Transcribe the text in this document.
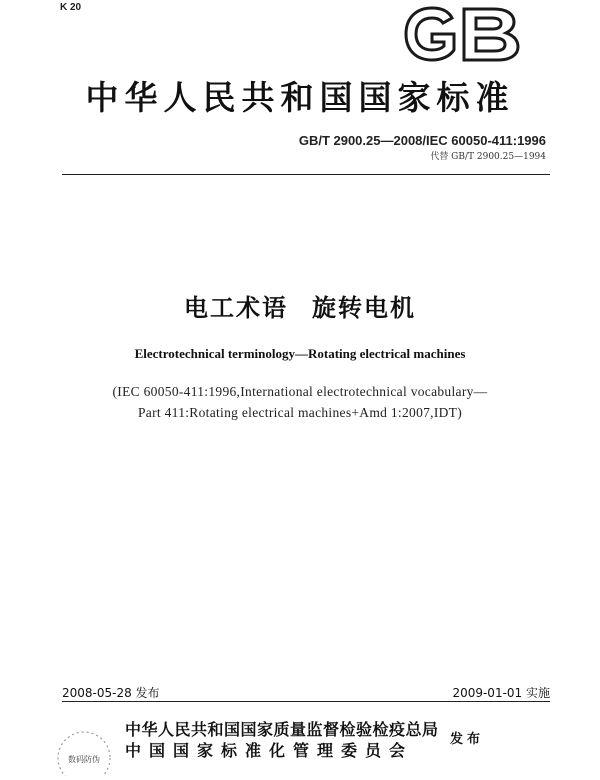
K 20
中华人民共和国国家标准
GB/T 2900.25—2008/IEC 60050-411:1996
代替 GB/T 2900.25—1994
电工术语 旋转电机
Electrotechnical terminology—Rotating electrical machines
(IEC 60050-411:1996,International electrotechnical vocabulary—
Part 411:Rotating electrical machines+Amd 1:2007,IDT)
2008-05-28 发布	2009-01-01 实施
数码防伪
中华人民共和国国家质量监督检验检疫总局
中国国家标准化管理委员会
发布
